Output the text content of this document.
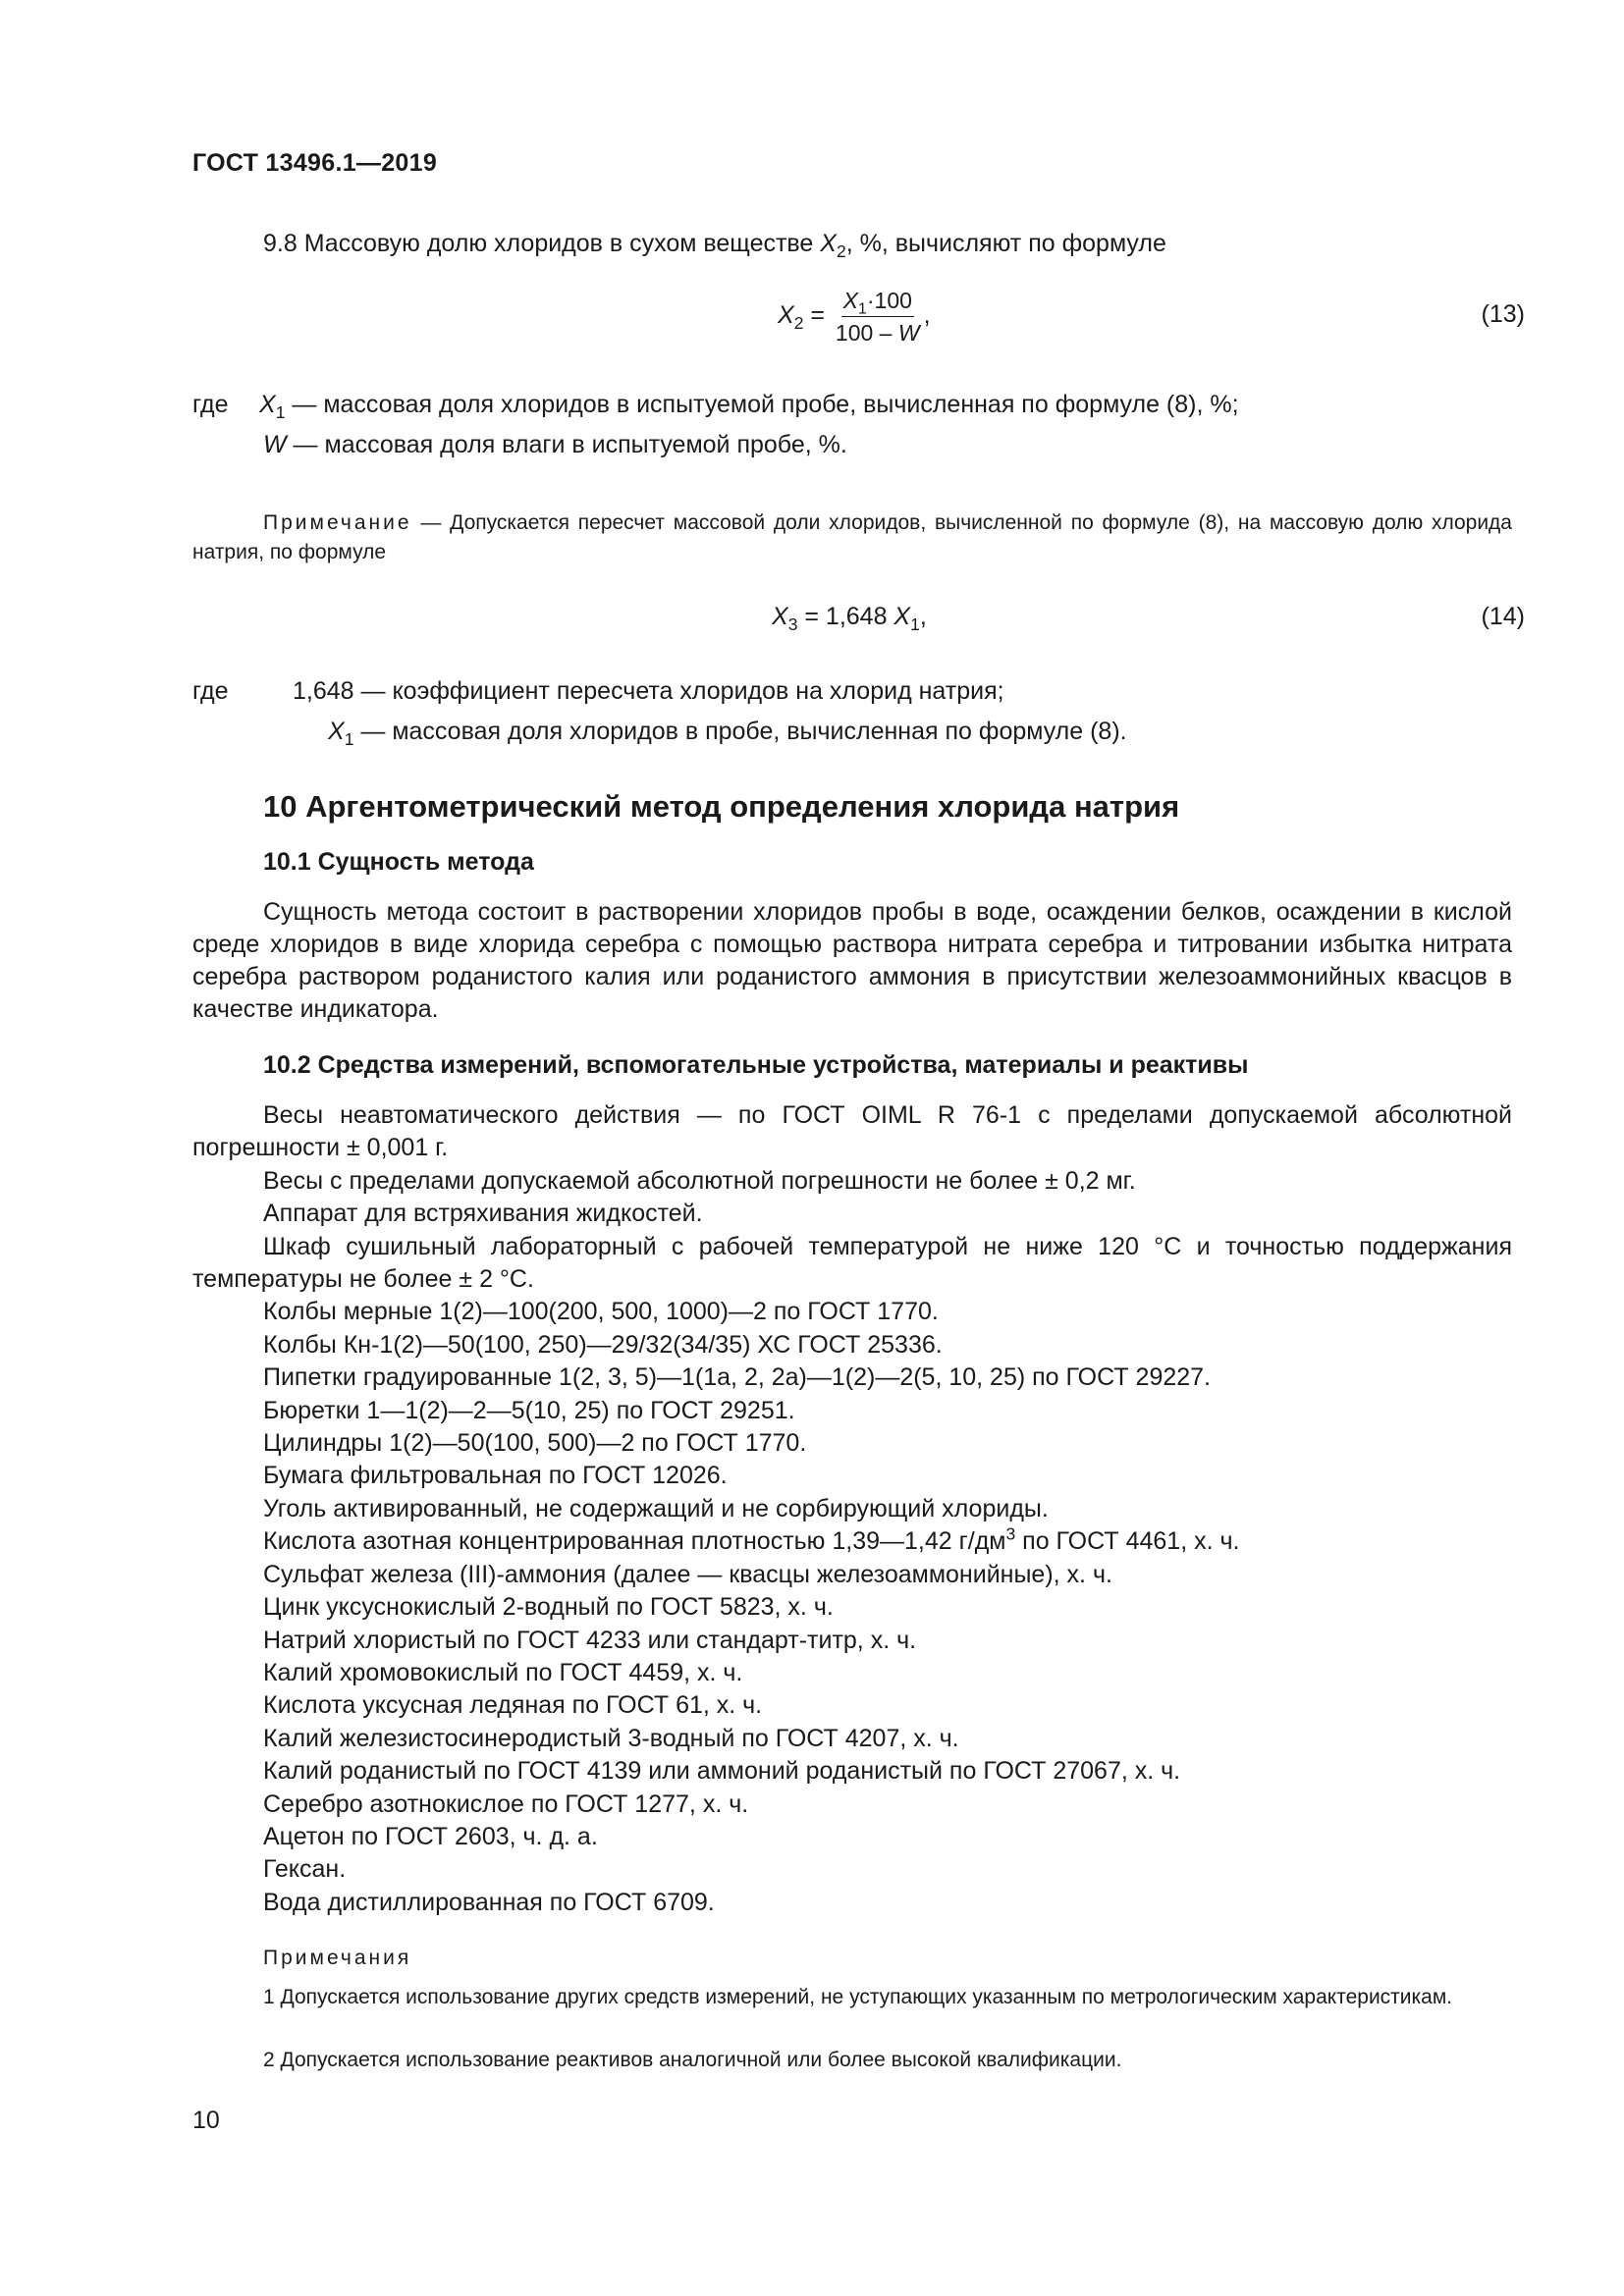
ГОСТ 13496.1—2019
9.8 Массовую долю хлоридов в сухом веществе $X_2$, %, вычисляют по формуле
$X_2 = \frac{X_1\cdot 100}{100 - W}$ ,	(13)
где $X_1$ — массовая доля хлоридов в испытуемой пробе, вычисленная по формуле (8), %;
W — массовая доля влаги в испытуемой пробе, %.
Примечание — Допускается пересчет массовой доли хлоридов, вычисленной по формуле (8), на массовую долю хлорида натрия, по формуле
$X_3 = 1,648$ $X_1$,	(14)
где	1,648 — коэффициент пересчета хлоридов на хлорид натрия;
$X_1$ — массовая доля хлоридов в пробе, вычисленная по формуле (8).
10 Аргентометрический метод определения хлорида натрия
10.1 Сущность метода
Сущность метода состоит в растворении хлоридов пробы в воде, осаждении белков, осаждении в кислой среде хлоридов в виде хлорида серебра с помощью раствора нитрата серебра и титровании избытка нитрата серебра раствором роданистого калия или роданистого аммония в присутствии железоаммонийных квасцов в качестве индикатора.
10.2 Средства измерений, вспомогательные устройства, материалы и реактивы
Весы неавтоматического действия — по ГОСТ OIML R 76-1 с пределами допускаемой абсолютной погрешности ± 0,001 г.
Весы с пределами допускаемой абсолютной погрешности не более ± 0,2 мг.
Аппарат для встряхивания жидкостей.
Шкаф сушильный лабораторный с рабочей температурой не ниже 120 °С и точностью поддержания температуры не более ± 2 °С.
Колбы мерные 1(2)—100(200, 500, 1000)—2 по ГОСТ 1770.
Колбы Кн-1(2)—50(100, 250)—29/32(34/35) ХС ГОСТ 25336.
Пипетки градуированные 1(2, 3, 5)—1(1а, 2, 2а)—1(2)—2(5, 10, 25) по ГОСТ 29227.
Бюретки 1—1(2)—2—5(10, 25) по ГОСТ 29251.
Цилиндры 1(2)—50(100, 500)—2 по ГОСТ 1770.
Бумага фильтровальная по ГОСТ 12026.
Уголь активированный, не содержащий и не сорбирующий хлориды.
Кислота азотная концентрированная плотностью 1,39—1,42 $г/дм^3$ по ГОСТ 4461, х. ч.
Сульфат железа (III)-аммония (далее — квасцы железоаммонийные), х. ч.
Цинк уксуснокислый 2-водный по ГОСТ 5823, х. ч.
Натрий хлористый по ГОСТ 4233 или стандарт-титр, х. ч.
Калий хромовокислый по ГОСТ 4459, х. ч.
Кислота уксусная ледяная по ГОСТ 61, х. ч.
Калий железистосинеродистый 3-водный по ГОСТ 4207, х. ч.
Калий роданистый по ГОСТ 4139 или аммоний роданистый по ГОСТ 27067, х. ч.
Серебро азотнокислое по ГОСТ 1277, х. ч.
Ацетон по ГОСТ 2603, ч. д. а.
Гексан.
Вода дистиллированная по ГОСТ 6709.
Примечания
1 Допускается использование других средств измерений, не уступающих указанным по метрологическим характеристикам.
2 Допускается использование реактивов аналогичной или более высокой квалификации.
10
